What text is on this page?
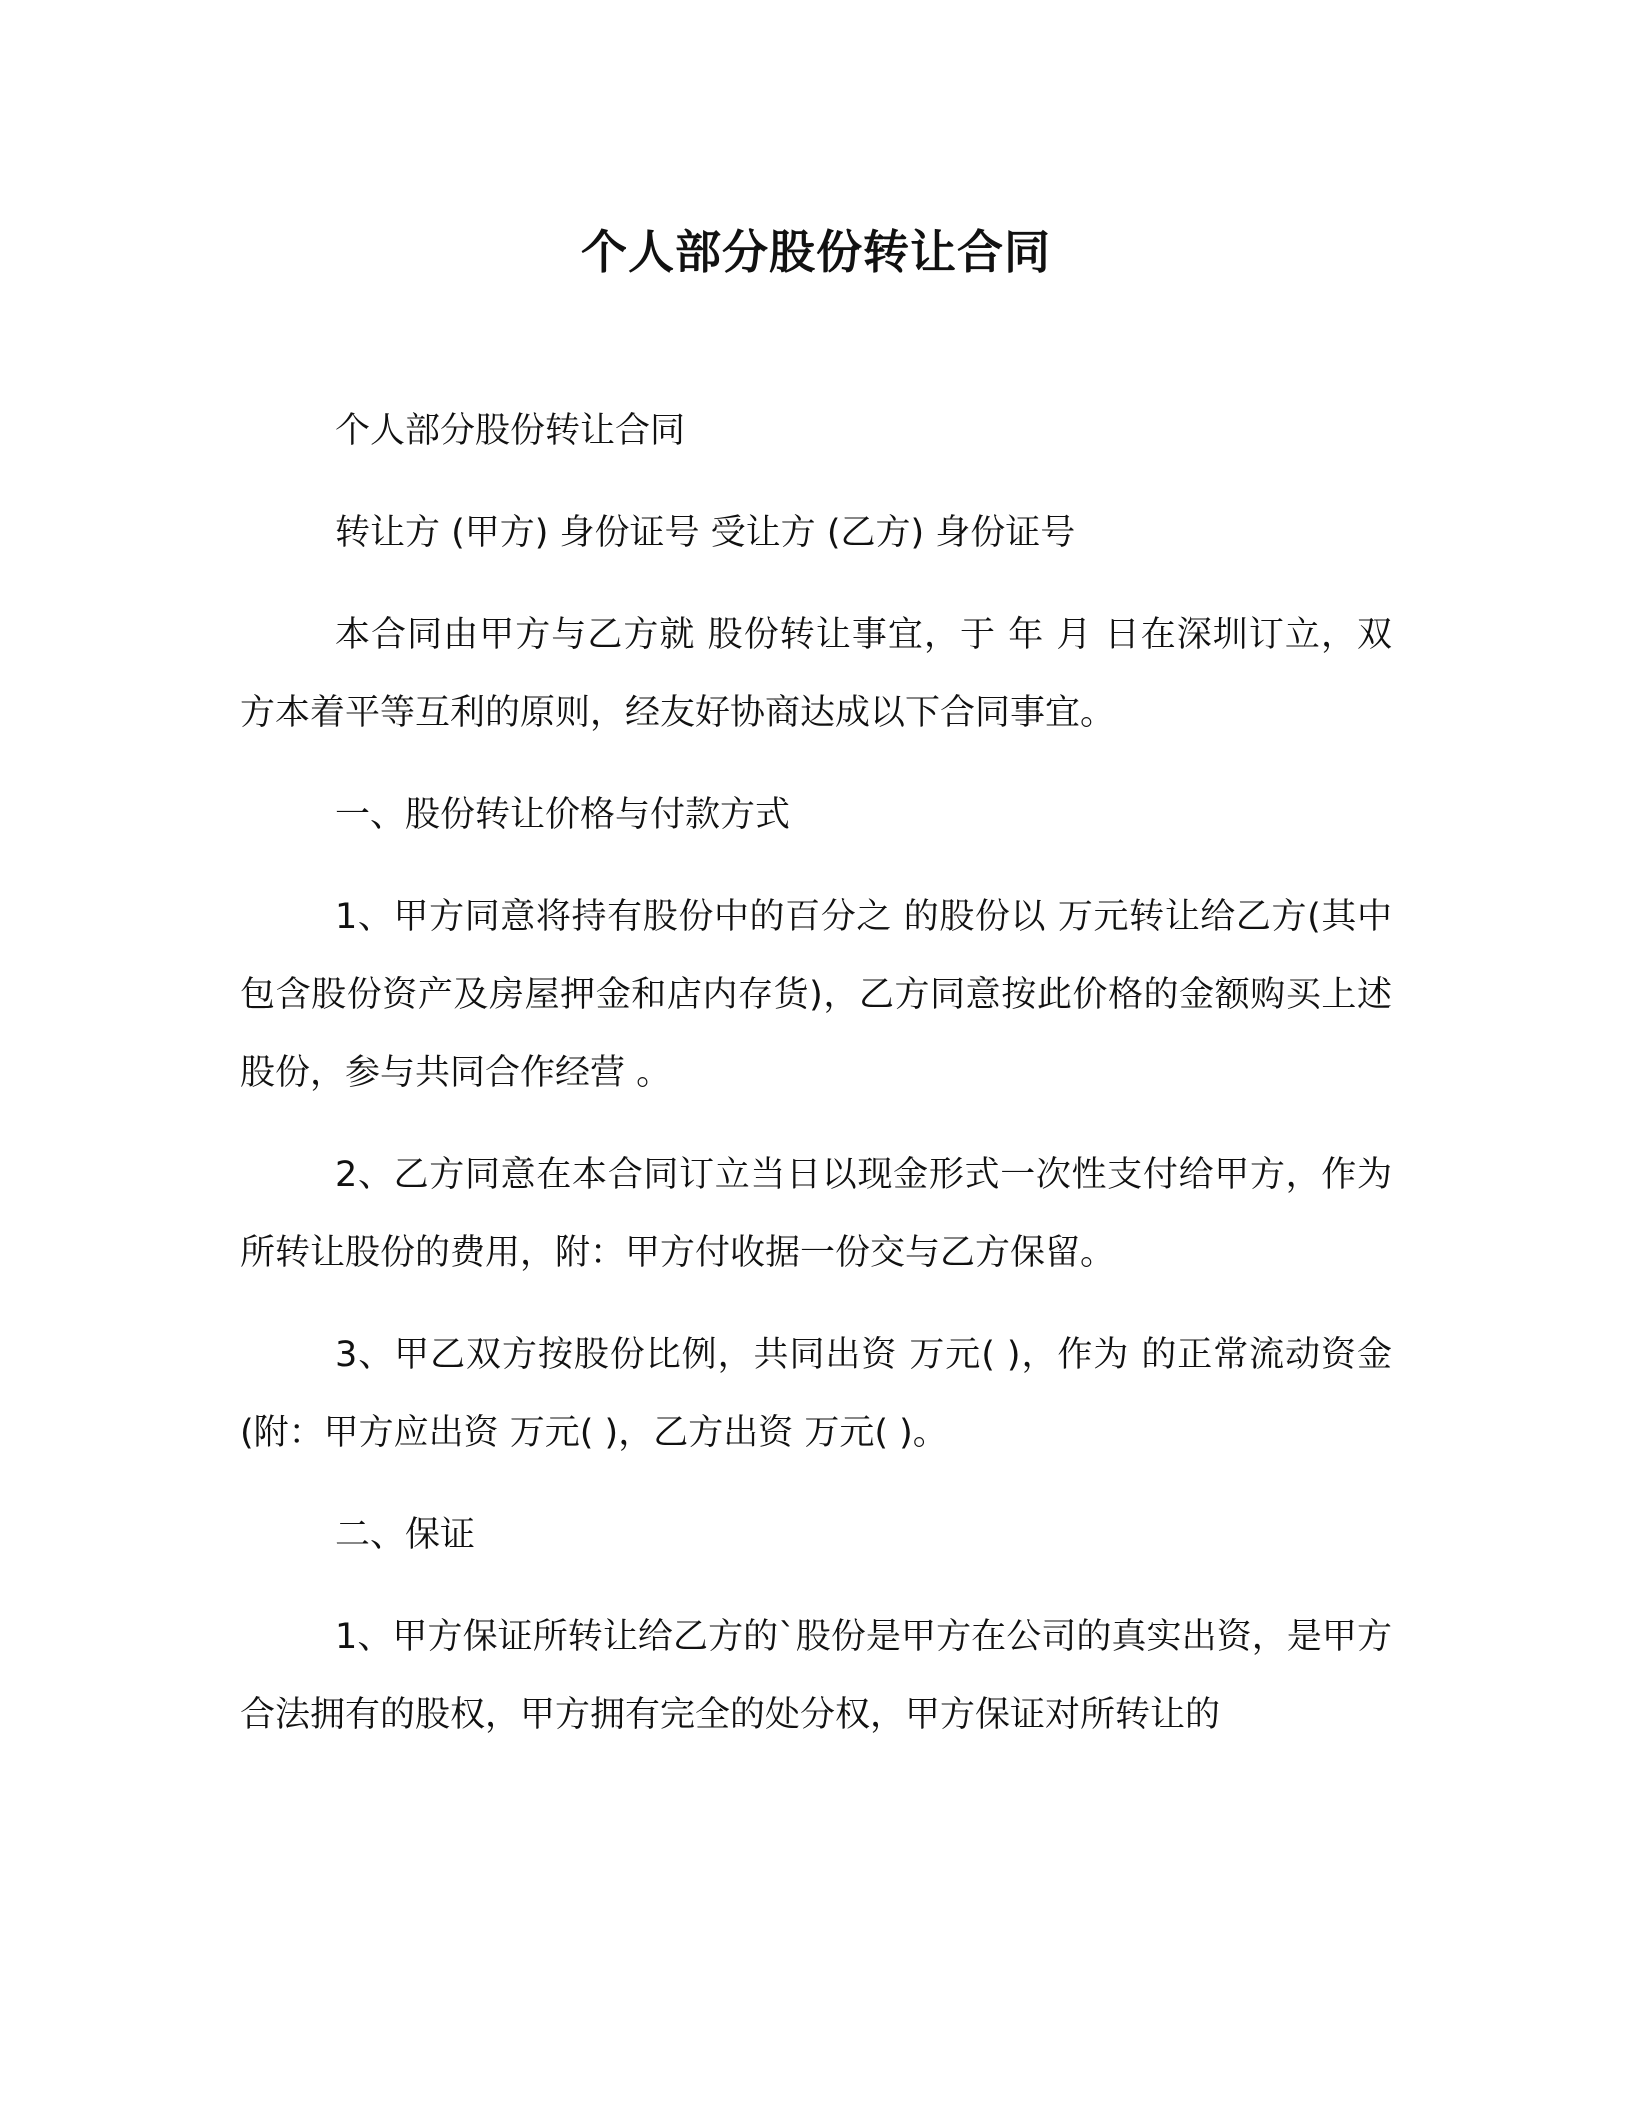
个人部分股份转让合同

个人部分股份转让合同

转让方 (甲方) 身份证号 受让方 (乙方) 身份证号

本合同由甲方与乙方就 股份转让事宜，于 年 月 日在深圳订立，双方本着平等互利的原则，经友好协商达成以下合同事宜。

一、股份转让价格与付款方式

1、甲方同意将持有股份中的百分之 的股份以 万元转让给乙方(其中包含股份资产及房屋押金和店内存货)，乙方同意按此价格的金额购买上述股份，参与共同合作经营 。

2、乙方同意在本合同订立当日以现金形式一次性支付给甲方，作为所转让股份的费用，附：甲方付收据一份交与乙方保留。

3、甲乙双方按股份比例，共同出资 万元( )，作为 的正常流动资金(附：甲方应出资 万元( )，乙方出资 万元( )。

二、保证

1、甲方保证所转让给乙方的`股份是甲方在公司的真实出资，是甲方合法拥有的股权，甲方拥有完全的处分权，甲方保证对所转让的
